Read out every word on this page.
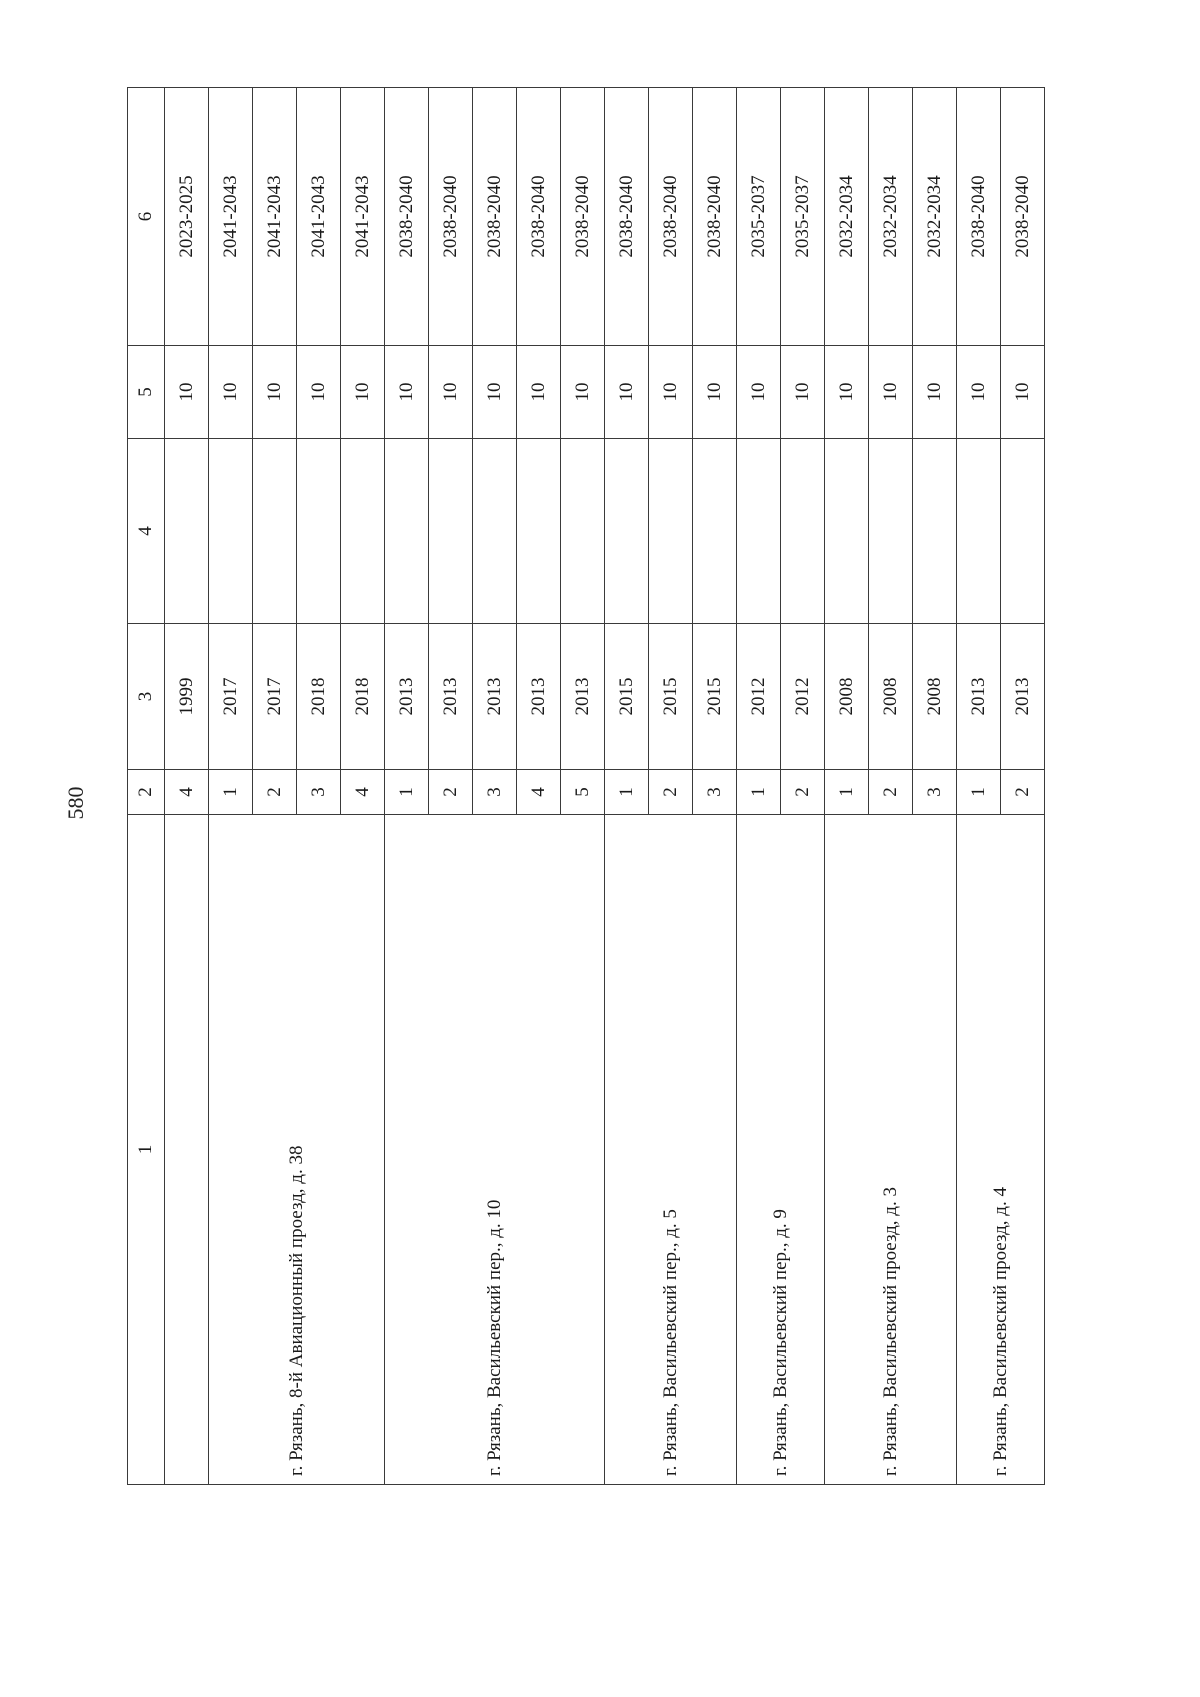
580
1	2	3	4	5	6
	4	1999		10	2023-2025
г. Рязань, 8-й Авиационный проезд, д. 38	1	2017		10	2041-2043
	2	2017		10	2041-2043
	3	2018		10	2041-2043
	4	2018		10	2041-2043
г. Рязань, Васильевский пер., д. 10	1	2013		10	2038-2040
	2	2013		10	2038-2040
	3	2013		10	2038-2040
	4	2013		10	2038-2040
	5	2013		10	2038-2040
г. Рязань, Васильевский пер., д. 5	1	2015		10	2038-2040
	2	2015		10	2038-2040
	3	2015		10	2038-2040
г. Рязань, Васильевский пер., д. 9	1	2012		10	2035-2037
	2	2012		10	2035-2037
г. Рязань, Васильевский проезд, д. 3	1	2008		10	2032-2034
	2	2008		10	2032-2034
	3	2008		10	2032-2034
г. Рязань, Васильевский проезд, д. 4	1	2013		10	2038-2040
	2	2013		10	2038-2040
